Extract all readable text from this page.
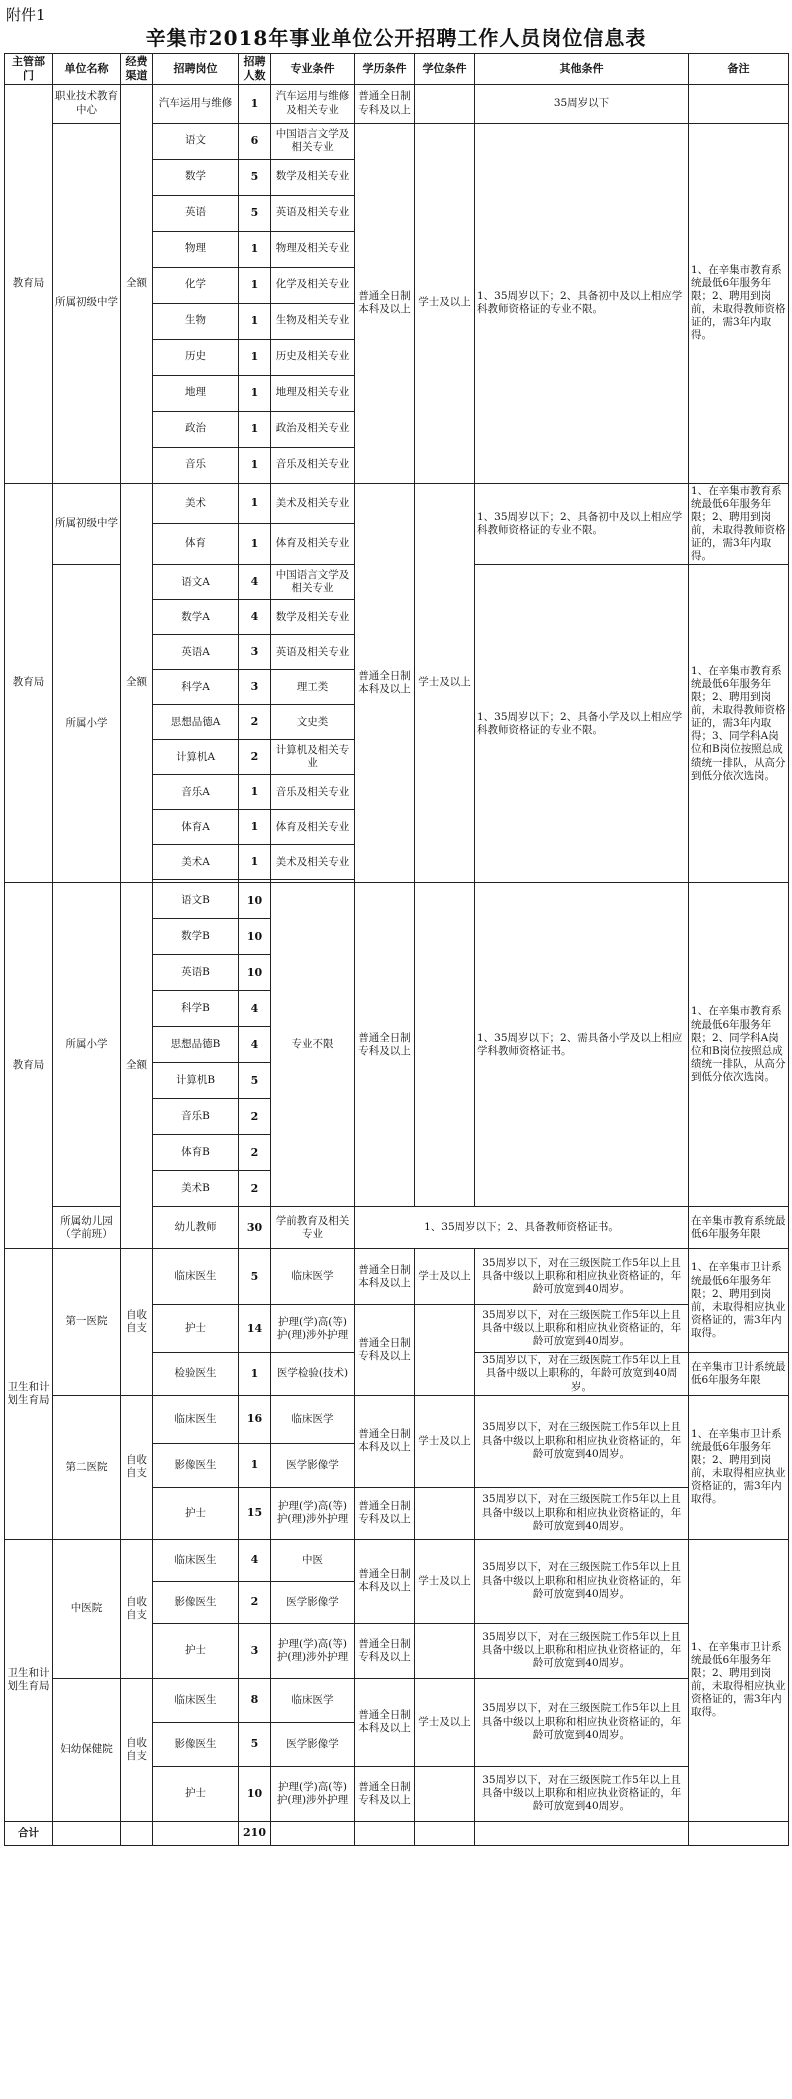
附件1
辛集市2018年事业单位公开招聘工作人员岗位信息表
主管部门	单位名称	经费渠道	招聘岗位	招聘人数	专业条件	学历条件	学位条件	其他条件	备注
教育局	职业技术教育中心	全额	汽车运用与维修	1	汽车运用与维修及相关专业	普通全日制专科及以上		35周岁以下	
	所属初级中学		语文	6	中国语言文学及相关专业	普通全日制本科及以上	学士及以上	1、35周岁以下；2、具备初中及以上相应学科教师资格证的专业不限。	1、在辛集市教育系统最低6年服务年限；2、聘用到岗前，未取得教师资格证的，需3年内取得。
			数学	5	数学及相关专业				
			英语	5	英语及相关专业				
			物理	1	物理及相关专业				
			化学	1	化学及相关专业				
			生物	1	生物及相关专业				
			历史	1	历史及相关专业				
			地理	1	地理及相关专业				
			政治	1	政治及相关专业				
			音乐	1	音乐及相关专业				
教育局	所属初级中学	全额	美术	1	美术及相关专业	普通全日制本科及以上	学士及以上	1、35周岁以下；2、具备初中及以上相应学科教师资格证的专业不限。	1、在辛集市教育系统最低6年服务年限；2、聘用到岗前，未取得教师资格证的，需3年内取得。
			体育	1	体育及相关专业				
	所属小学		语文A	4	中国语言文学及相关专业			1、35周岁以下；2、具备小学及以上相应学科教师资格证的专业不限。	1、在辛集市教育系统最低6年服务年限；2、聘用到岗前，未取得教师资格证的，需3年内取得；3、同学科A岗位和B岗位按照总成绩统一排队，从高分到低分依次选岗。
			数学A	4	数学及相关专业				
			英语A	3	英语及相关专业				
			科学A	3	理工类				
			思想品德A	2	文史类				
			计算机A	2	计算机及相关专业				
			音乐A	1	音乐及相关专业				
			体育A	1	体育及相关专业				
			美术A	1	美术及相关专业				

教育局	所属小学	全额	语文B	10	专业不限	普通全日制专科及以上		1、35周岁以下；2、需具备小学及以上相应学科教师资格证书。	1、在辛集市教育系统最低6年服务年限；2、同学科A岗位和B岗位按照总成绩统一排队，从高分到低分依次选岗。
			数学B	10					
			英语B	10					
			科学B	4					
			思想品德B	4					
			计算机B	5					
			音乐B	2					
			体育B	2					
			美术B	2					
	所属幼儿园（学前班）		幼儿教师	30	学前教育及相关专业	1、35周岁以下；2、具备教师资格证书。			在辛集市教育系统最低6年服务年限
卫生和计划生育局	第一医院	自收自支	临床医生	5	临床医学	普通全日制本科及以上	学士及以上	35周岁以下，对在三级医院工作5年以上且具备中级以上职称和相应执业资格证的，年龄可放宽到40周岁。	1、在辛集市卫计系统最低6年服务年限；2、聘用到岗前，未取得相应执业资格证的，需3年内取得。
			护士	14	护理(学)高(等)护(理)涉外护理	普通全日制专科及以上		35周岁以下，对在三级医院工作5年以上且具备中级以上职称和相应执业资格证的，年龄可放宽到40周岁。	
			检验医生	1	医学检验(技术)			35周岁以下，对在三级医院工作5年以上且具备中级以上职称的，年龄可放宽到40周岁。	在辛集市卫计系统最低6年服务年限
	第二医院	自收自支	临床医生	16	临床医学	普通全日制本科及以上	学士及以上	35周岁以下，对在三级医院工作5年以上且具备中级以上职称和相应执业资格证的，年龄可放宽到40周岁。	1、在辛集市卫计系统最低6年服务年限；2、聘用到岗前，未取得相应执业资格证的，需3年内取得。
			影像医生	1	医学影像学				
			护士	15	护理(学)高(等)护(理)涉外护理	普通全日制专科及以上		35周岁以下，对在三级医院工作5年以上且具备中级以上职称和相应执业资格证的，年龄可放宽到40周岁。	
卫生和计划生育局	中医院	自收自支	临床医生	4	中医	普通全日制本科及以上	学士及以上	35周岁以下，对在三级医院工作5年以上且具备中级以上职称和相应执业资格证的，年龄可放宽到40周岁。	1、在辛集市卫计系统最低6年服务年限；2、聘用到岗前，未取得相应执业资格证的，需3年内取得。
			影像医生	2	医学影像学				
			护士	3	护理(学)高(等)护(理)涉外护理	普通全日制专科及以上		35周岁以下，对在三级医院工作5年以上且具备中级以上职称和相应执业资格证的，年龄可放宽到40周岁。	
	妇幼保健院	自收自支	临床医生	8	临床医学	普通全日制本科及以上	学士及以上	35周岁以下，对在三级医院工作5年以上且具备中级以上职称和相应执业资格证的，年龄可放宽到40周岁。	
			影像医生	5	医学影像学				
			护士	10	护理(学)高(等)护(理)涉外护理	普通全日制专科及以上		35周岁以下，对在三级医院工作5年以上且具备中级以上职称和相应执业资格证的，年龄可放宽到40周岁。	
合计				210					
